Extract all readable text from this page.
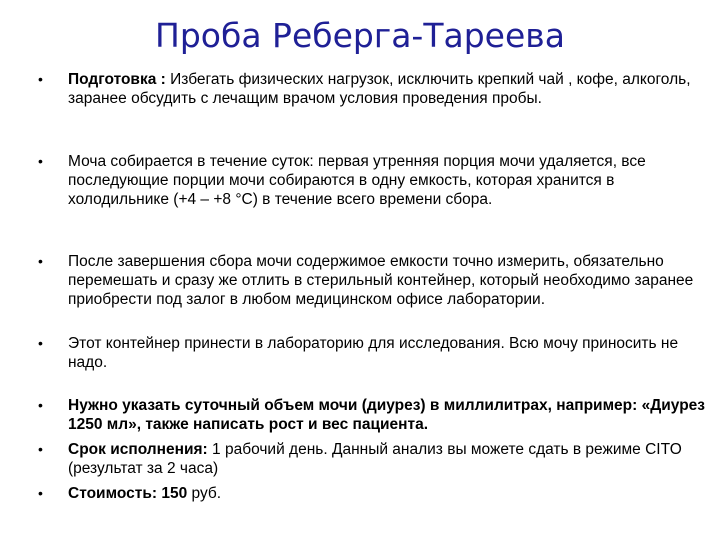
Проба Реберга-Тареева
•	Подготовка : Избегать физических нагрузок, исключить крепкий чай , кофе, алкоголь, заранее обсудить с лечащим врачом условия проведения пробы.
•	Моча собирается в течение суток: первая утренняя порция мочи удаляется, все последующие порции мочи собираются в одну емкость, которая хранится в холодильнике (+4 – +8 °С) в течение всего времени сбора.
•	После завершения сбора мочи содержимое емкости точно измерить, обязательно перемешать и сразу же отлить в стерильный контейнер, который необходимо заранее приобрести под залог в любом медицинском офисе лаборатории.
•	Этот контейнер принести в лабораторию для исследования. Всю мочу приносить не надо.
•	Нужно указать суточный объем мочи (диурез) в миллилитрах, например: «Диурез 1250 мл», также написать рост и вес пациента.
•	Срок исполнения: 1 рабочий день. Данный анализ вы можете сдать в режиме CITO (результат за 2 часа)
•	Стоимость: 150 руб.
